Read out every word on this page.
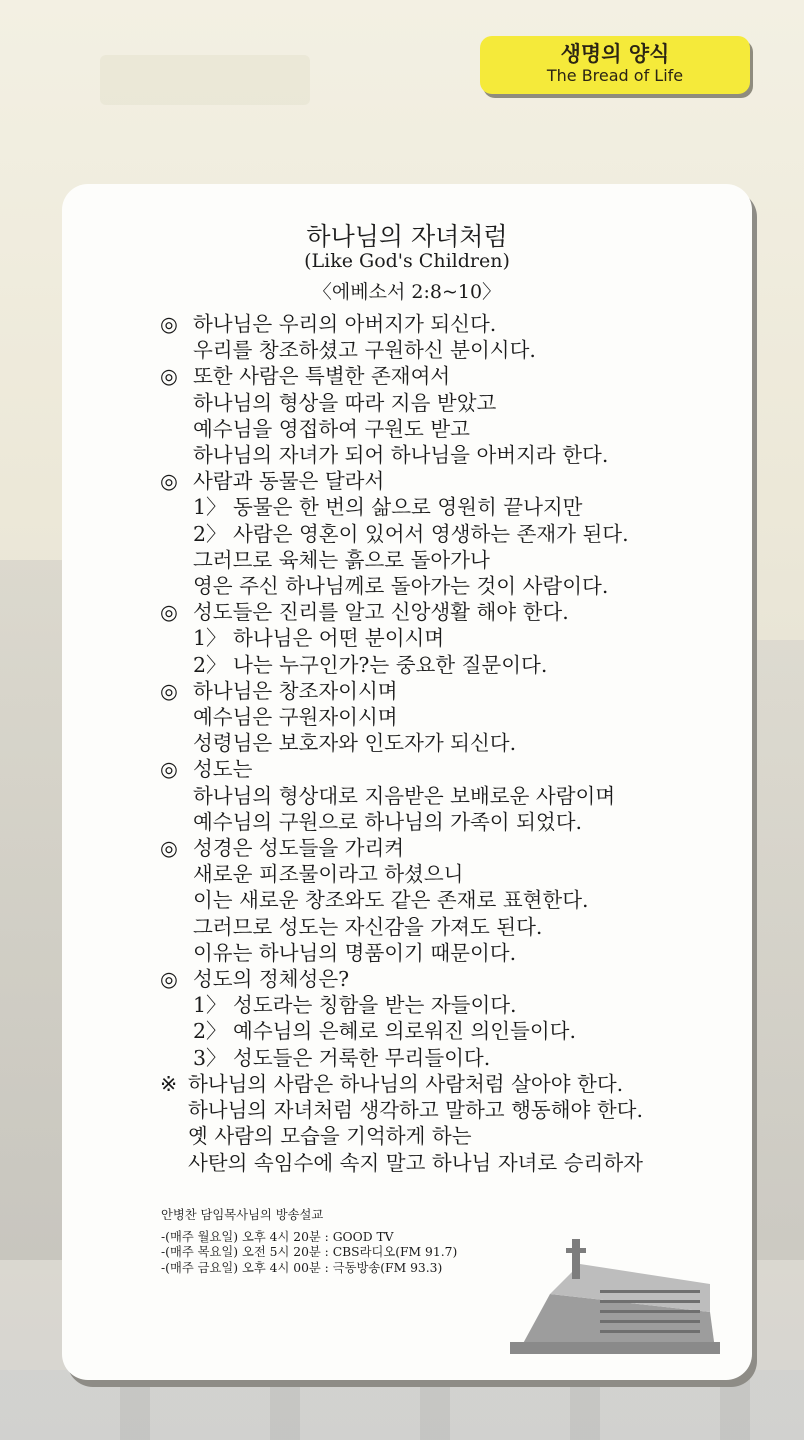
생명의 양식
The Bread of Life
하나님의 자녀처럼
(Like God's Children)
〈에베소서 2:8~10〉
◎ 하나님은 우리의 아버지가 되신다.
우리를 창조하셨고 구원하신 분이시다.
◎ 또한 사람은 특별한 존재여서
하나님의 형상을 따라 지음 받았고
예수님을 영접하여 구원도 받고
하나님의 자녀가 되어 하나님을 아버지라 한다.
◎ 사람과 동물은 달라서
1〉 동물은 한 번의 삶으로 영원히 끝나지만
2〉 사람은 영혼이 있어서 영생하는 존재가 된다.
그러므로 육체는 흙으로 돌아가나
영은 주신 하나님께로 돌아가는 것이 사람이다.
◎ 성도들은 진리를 알고 신앙생활 해야 한다.
1〉 하나님은 어떤 분이시며
2〉 나는 누구인가?는 중요한 질문이다.
◎ 하나님은 창조자이시며
예수님은 구원자이시며
성령님은 보호자와 인도자가 되신다.
◎ 성도는
하나님의 형상대로 지음받은 보배로운 사람이며
예수님의 구원으로 하나님의 가족이 되었다.
◎ 성경은 성도들을 가리켜
새로운 피조물이라고 하셨으니
이는 새로운 창조와도 같은 존재로 표현한다.
그러므로 성도는 자신감을 가져도 된다.
이유는 하나님의 명품이기 때문이다.
◎ 성도의 정체성은?
1〉 성도라는 칭함을 받는 자들이다.
2〉 예수님의 은혜로 의로워진 의인들이다.
3〉 성도들은 거룩한 무리들이다.
※ 하나님의 사람은 하나님의 사람처럼 살아야 한다.
하나님의 자녀처럼 생각하고 말하고 행동해야 한다.
옛 사람의 모습을 기억하게 하는
사탄의 속임수에 속지 말고 하나님 자녀로 승리하자
안병찬 담임목사님의 방송설교
-(매주 월요일) 오후 4시 20분 : GOOD TV
-(매주 목요일) 오전 5시 20분 : CBS라디오(FM 91.7)
-(매주 금요일) 오후 4시 00분 : 극동방송(FM 93.3)
